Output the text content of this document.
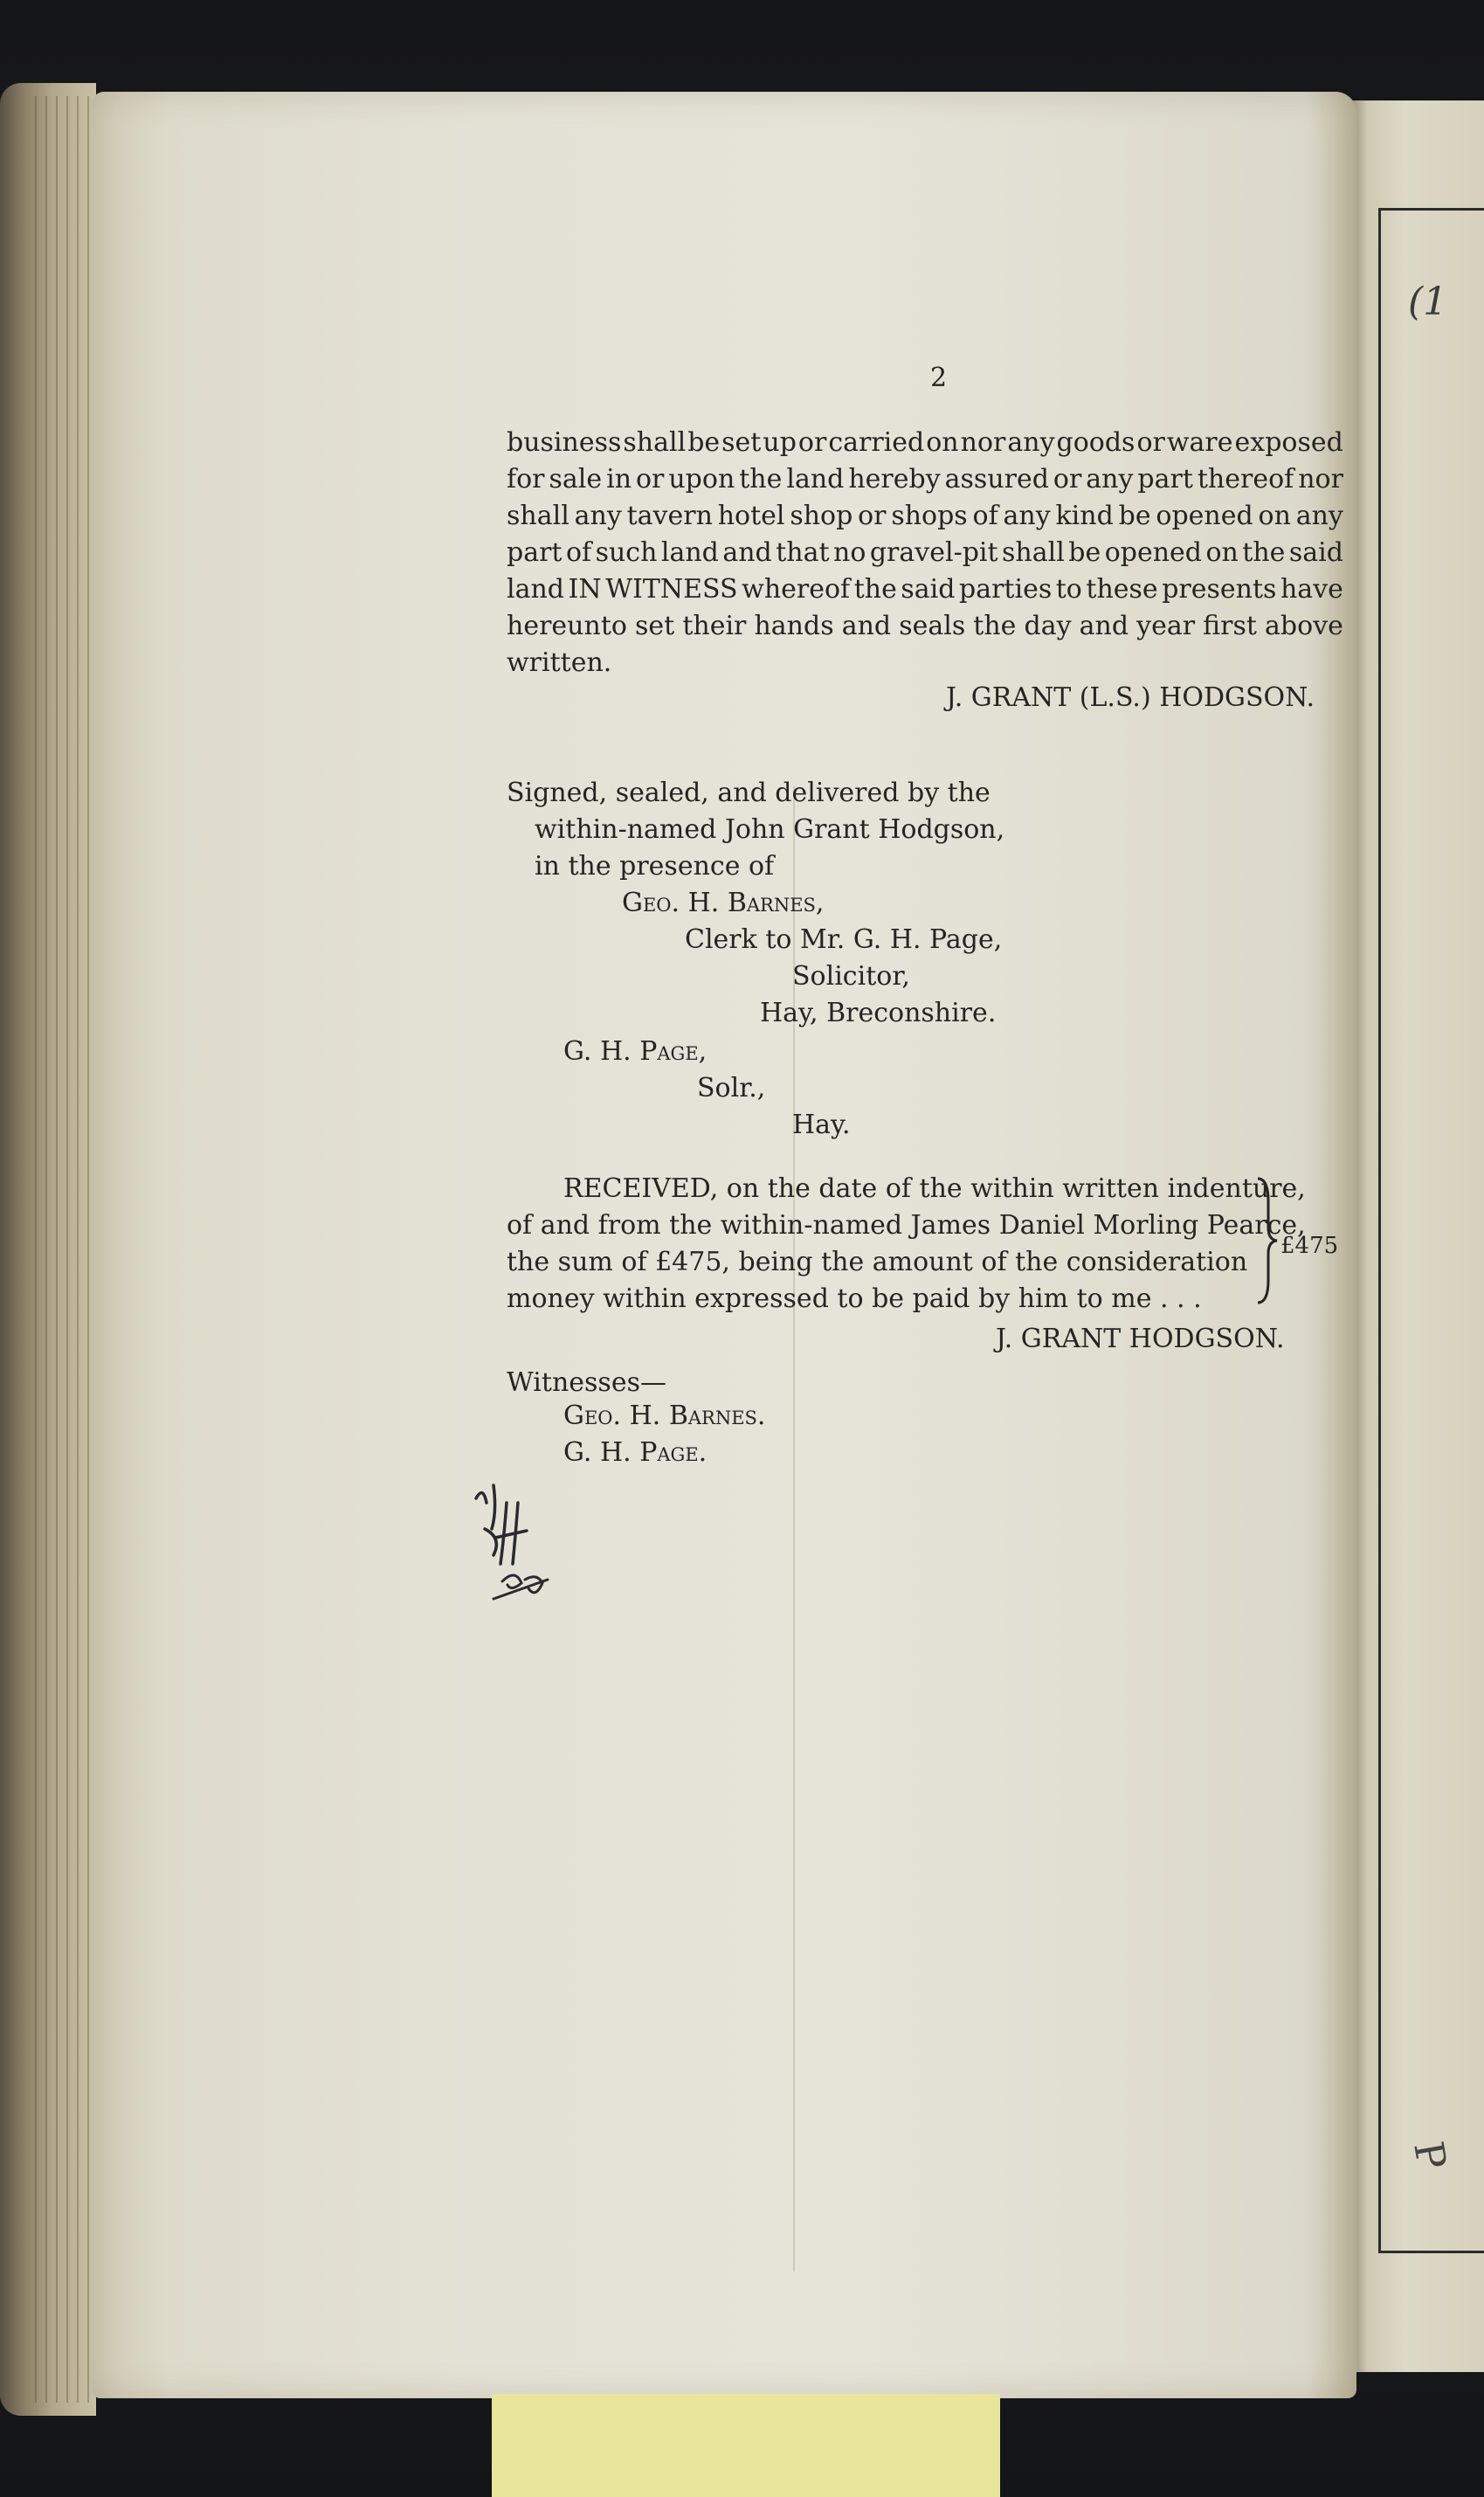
(1
P
2
business shall be set up or carried on nor any goods or ware exposed
for sale in or upon the land hereby assured or any part thereof nor
shall any tavern hotel shop or shops of any kind be opened on any
part of such land and that no gravel-pit shall be opened on the said
land IN WITNESS whereof the said parties to these presents have
hereunto set their hands and seals the day and year first above
written.
J. GRANT (L.S.) HODGSON.
Signed, sealed, and delivered by the
within-named John Grant Hodgson,
in the presence of
Geo. H. Barnes,
Clerk to Mr. G. H. Page,
Solicitor,
Hay, Breconshire.
G. H. Page,
Solr.,
Hay.
RECEIVED, on the date of the within written indenture,
of and from the within-named James Daniel Morling Pearce,
the sum of £475, being the amount of the consideration
money within expressed to be paid by him to me . . .
£475
J. GRANT HODGSON.
Witnesses—
Geo. H. Barnes.
G. H. Page.
